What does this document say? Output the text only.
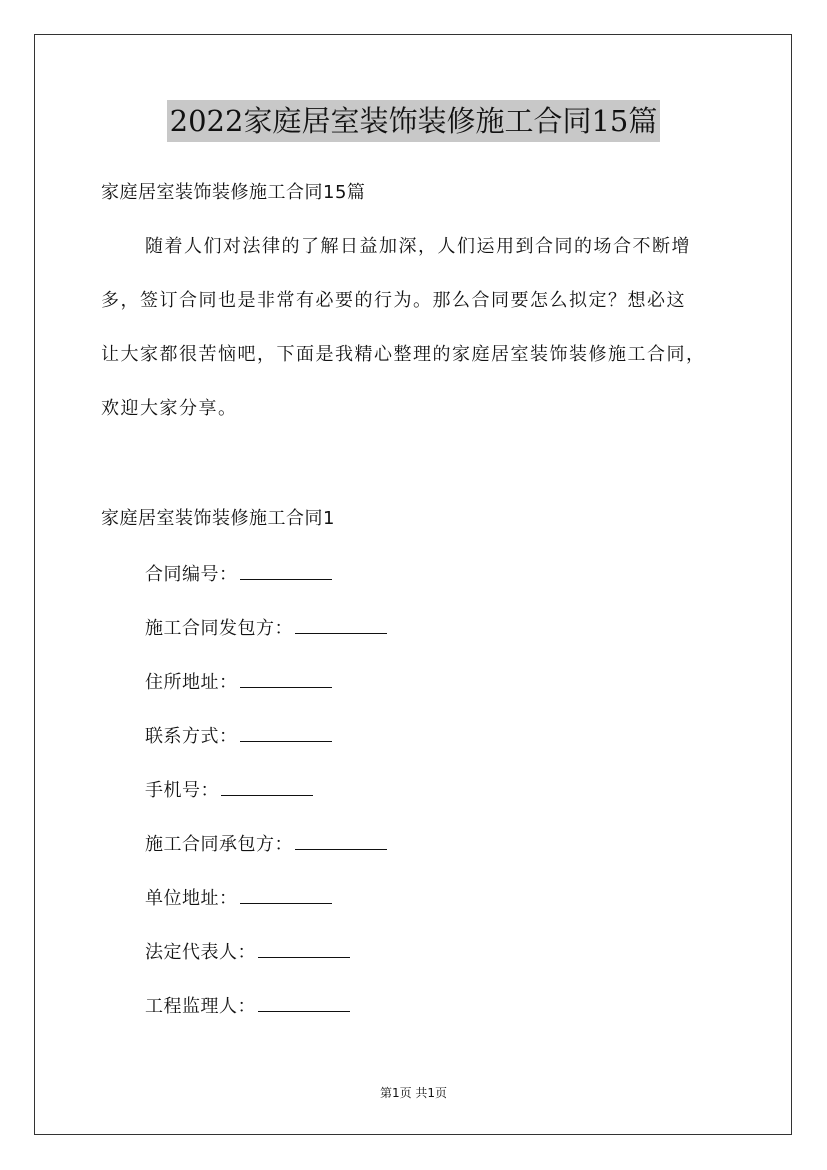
2022家庭居室装饰装修施工合同15篇
家庭居室装饰装修施工合同15篇
随着人们对法律的了解日益加深，人们运用到合同的场合不断增
多，签订合同也是非常有必要的行为。那么合同要怎么拟定？想必这
让大家都很苦恼吧，下面是我精心整理的家庭居室装饰装修施工合同，
欢迎大家分享。
家庭居室装饰装修施工合同1
合同编号：
施工合同发包方：
住所地址：
联系方式：
手机号：
施工合同承包方：
单位地址：
法定代表人：
工程监理人：
第1页 共1页
